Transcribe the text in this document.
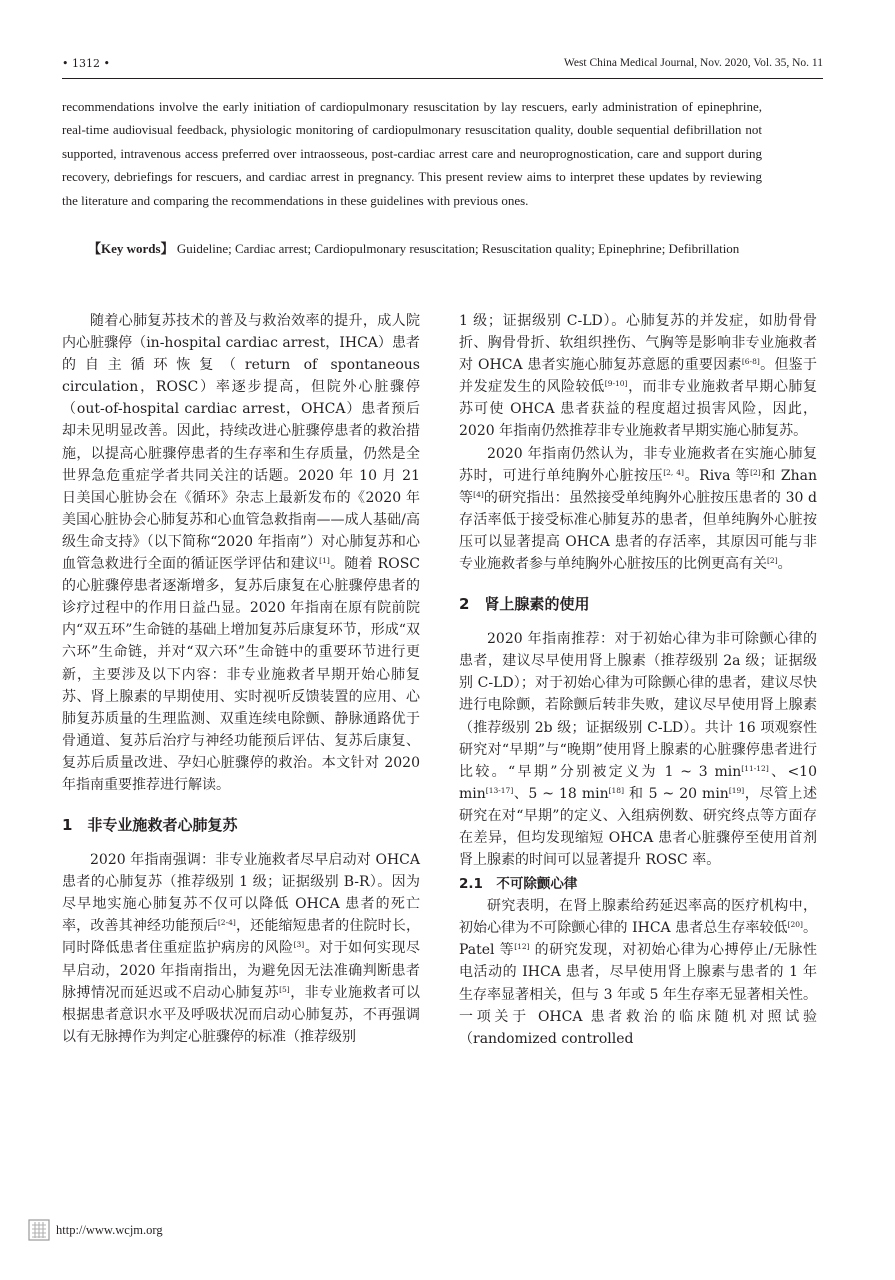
• 1312 •	West China Medical Journal, Nov. 2020, Vol. 35, No. 11

recommendations involve the early initiation of cardiopulmonary resuscitation by lay rescuers, early administration of epinephrine, real-time audiovisual feedback, physiologic monitoring of cardiopulmonary resuscitation quality, double sequential defibrillation not supported, intravenous access preferred over intraosseous, post-cardiac arrest care and neuroprognostication, care and support during recovery, debriefings for rescuers, and cardiac arrest in pregnancy. This present review aims to interpret these updates by reviewing the literature and comparing the recommendations in these guidelines with previous ones.

【Key words】 Guideline; Cardiac arrest; Cardiopulmonary resuscitation; Resuscitation quality; Epinephrine; Defibrillation

随着心肺复苏技术的普及与救治效率的提升，成人院内心脏骤停（in-hospital cardiac arrest，IHCA）患者的自主循环恢复（return of spontaneous circulation，ROSC）率逐步提高，但院外心脏骤停（out-of-hospital cardiac arrest，OHCA）患者预后却未见明显改善。因此，持续改进心脏骤停患者的救治措施，以提高心脏骤停患者的生存率和生存质量，仍然是全世界急危重症学者共同关注的话题。2020 年 10 月 21 日美国心脏协会在《循环》杂志上最新发布的《2020 年美国心脏协会心肺复苏和心血管急救指南——成人基础/高级生命支持》（以下简称“2020 年指南”）对心肺复苏和心血管急救进行全面的循证医学评估和建议[1]。随着 ROSC 的心脏骤停患者逐渐增多，复苏后康复在心脏骤停患者的诊疗过程中的作用日益凸显。2020 年指南在原有院前院内“双五环”生命链的基础上增加复苏后康复环节，形成“双六环”生命链，并对“双六环”生命链中的重要环节进行更新，主要涉及以下内容：非专业施救者早期开始心肺复苏、肾上腺素的早期使用、实时视听反馈装置的应用、心肺复苏质量的生理监测、双重连续电除颤、静脉通路优于骨通道、复苏后治疗与神经功能预后评估、复苏后康复、复苏后质量改进、孕妇心脏骤停的救治。本文针对 2020 年指南重要推荐进行解读。

1　非专业施救者心肺复苏

2020 年指南强调：非专业施救者尽早启动对 OHCA 患者的心肺复苏（推荐级别 1 级；证据级别 B-R）。因为尽早地实施心肺复苏不仅可以降低 OHCA 患者的死亡率，改善其神经功能预后[2-4]，还能缩短患者的住院时长，同时降低患者住重症监护病房的风险[3]。对于如何实现尽早启动，2020 年指南指出，为避免因无法准确判断患者脉搏情况而延迟或不启动心肺复苏[5]，非专业施救者可以根据患者意识水平及呼吸状况而启动心肺复苏，不再强调以有无脉搏作为判定心脏骤停的标准（推荐级别

1 级；证据级别 C-LD）。心肺复苏的并发症，如肋骨骨折、胸骨骨折、软组织挫伤、气胸等是影响非专业施救者对 OHCA 患者实施心肺复苏意愿的重要因素[6-8]。但鉴于并发症发生的风险较低[9-10]，而非专业施救者早期心肺复苏可使 OHCA 患者获益的程度超过损害风险，因此，2020 年指南仍然推荐非专业施救者早期实施心肺复苏。

2020 年指南仍然认为，非专业施救者在实施心肺复苏时，可进行单纯胸外心脏按压[2, 4]。Riva 等[2]和 Zhan 等[4]的研究指出：虽然接受单纯胸外心脏按压患者的 30 d 存活率低于接受标准心肺复苏的患者，但单纯胸外心脏按压可以显著提高 OHCA 患者的存活率，其原因可能与非专业施救者参与单纯胸外心脏按压的比例更高有关[2]。

2　肾上腺素的使用

2020 年指南推荐：对于初始心律为非可除颤心律的患者，建议尽早使用肾上腺素（推荐级别 2a 级；证据级别 C-LD）；对于初始心律为可除颤心律的患者，建议尽快进行电除颤，若除颤后转非失败，建议尽早使用肾上腺素（推荐级别 2b 级；证据级别 C-LD）。共计 16 项观察性研究对“早期”与“晚期”使用肾上腺素的心脏骤停患者进行比较。“早期”分别被定义为 1 ~ 3 min[11-12]、<10 min[13-17]、5 ~ 18 min[18] 和 5 ~ 20 min[19]，尽管上述研究在对“早期”的定义、入组病例数、研究终点等方面存在差异，但均发现缩短 OHCA 患者心脏骤停至使用首剂肾上腺素的时间可以显著提升 ROSC 率。

2.1　不可除颤心律

研究表明，在肾上腺素给药延迟率高的医疗机构中，初始心律为不可除颤心律的 IHCA 患者总生存率较低[20]。Patel 等[12] 的研究发现，对初始心律为心搏停止/无脉性电活动的 IHCA 患者，尽早使用肾上腺素与患者的 1 年生存率显著相关，但与 3 年或 5 年生存率无显著相关性。一项关于 OHCA 患者救治的临床随机对照试验（randomized controlled

http://www.wcjm.org
